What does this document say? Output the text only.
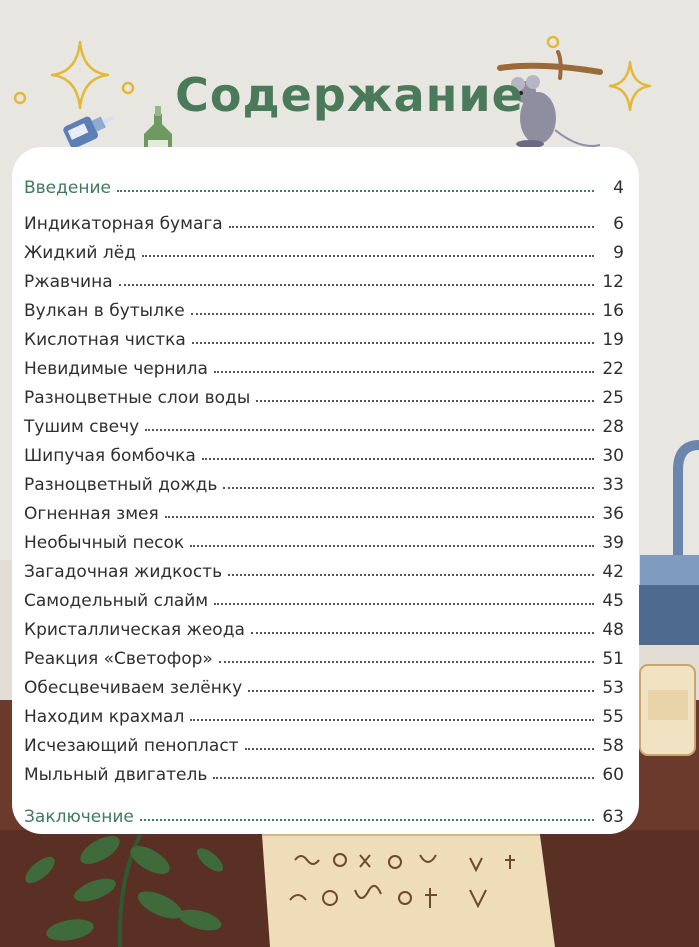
Содержание
Введение	4
Индикаторная бумага	6
Жидкий лёд	9
Ржавчина	12
Вулкан в бутылке	16
Кислотная чистка	19
Невидимые чернила	22
Разноцветные слои воды	25
Тушим свечу	28
Шипучая бомбочка	30
Разноцветный дождь	33
Огненная змея	36
Необычный песок	39
Загадочная жидкость	42
Самодельный слайм	45
Кристаллическая жеода	48
Реакция «Светофор»	51
Обесцвечиваем зелёнку	53
Находим крахмал	55
Исчезающий пенопласт	58
Мыльный двигатель	60
Заключение	63
